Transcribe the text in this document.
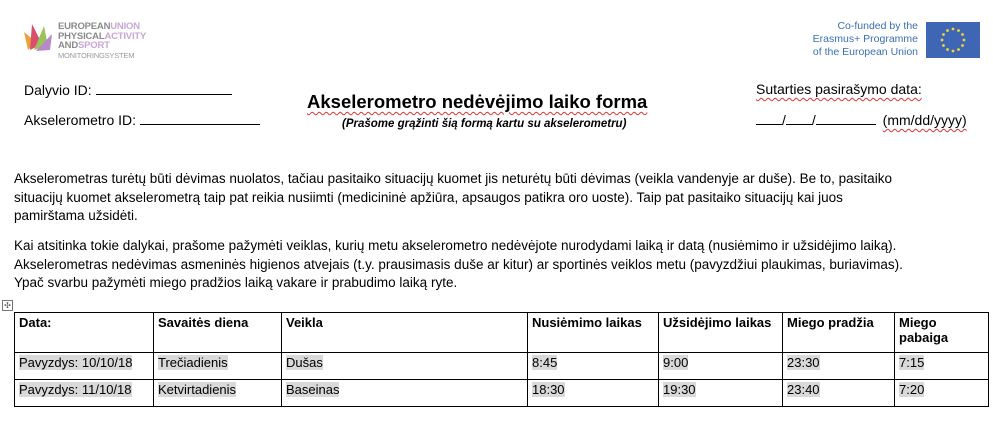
EUROPEANUNION
PHYSICALACTIVITY
ANDSPORT
MONITORINGSYSTEM
Co-funded by the
Erasmus+ Programme
of the European Union
Dalyvio ID:
Akselerometro ID:
Akselerometro nedėvėjimo laiko forma
(Prašome grąžinti šią formą kartu su akselerometru)
Sutarties pasirašymo data:
/ /	(mm/dd/yyyy)
Akselerometras turėtų būti dėvimas nuolatos, tačiau pasitaiko situacijų kuomet jis neturėtų būti dėvimas (veikla vandenyje ar duše). Be to, pasitaiko
situacijų kuomet akselerometrą taip pat reikia nusiimti (medicininė apžiūra, apsaugos patikra oro uoste). Taip pat pasitaiko situacijų kai juos
pamirštama užsidėti.
Kai atsitinka tokie dalykai, prašome pažymėti veiklas, kurių metu akselerometro nedėvėjote nurodydami laiką ir datą (nusiėmimo ir užsidėjimo laiką).
Akselerometras nedėvimas asmeninės higienos atvejais (t.y. prausimasis duše ar kitur) ar sportinės veiklos metu (pavyzdžiui plaukimas, buriavimas).
Ypač svarbu pažymėti miego pradžios laiką vakare ir prabudimo laiką ryte.
✣
Data:	Savaitės diena	Veikla	Nusiėmimo laikas	Užsidėjimo laikas	Miego pradžia	Miego pabaiga
Pavyzdys: 10/10/18	Trečiadienis	Dušas	8:45	9:00	23:30	7:15
Pavyzdys: 11/10/18	Ketvirtadienis	Baseinas	18:30	19:30	23:40	7:20
